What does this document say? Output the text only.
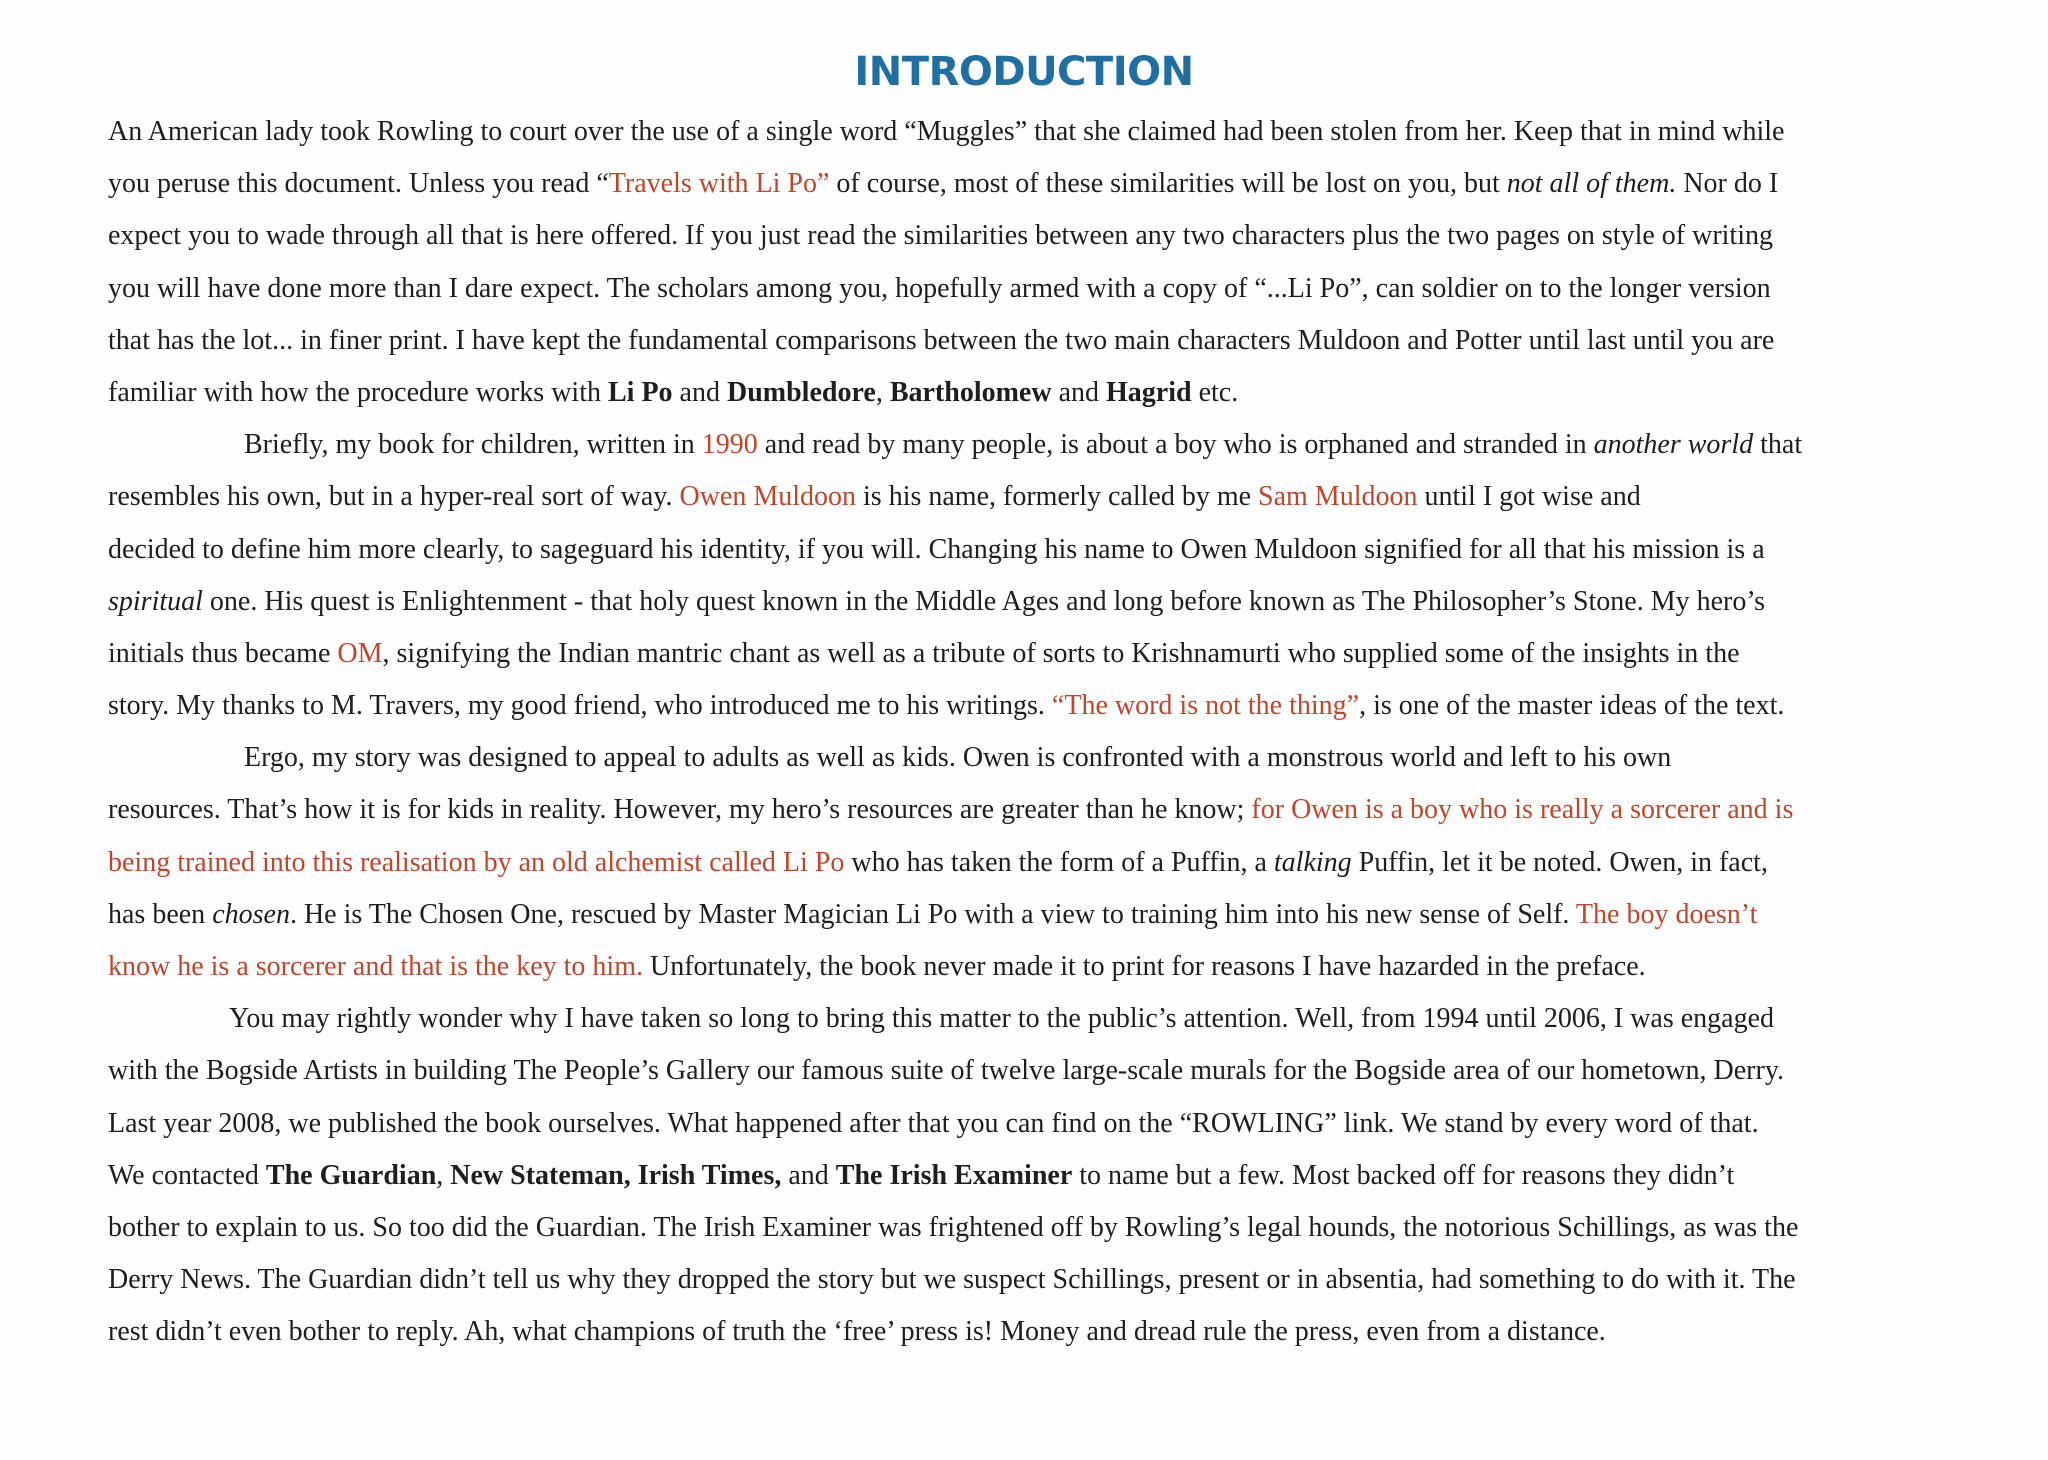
INTRODUCTION
An American lady took Rowling to court over the use of a single word “Muggles” that she claimed had been stolen from her. Keep that in mind while
you peruse this document. Unless you read “Travels with Li Po” of course, most of these similarities will be lost on you, but not all of them. Nor do I
expect you to wade through all that is here offered. If you just read the similarities between any two characters plus the two pages on style of writing
you will have done more than I dare expect. The scholars among you, hopefully armed with a copy of “...Li Po”, can soldier on to the longer version
that has the lot... in finer print. I have kept the fundamental comparisons between the two main characters Muldoon and Potter until last until you are
familiar with how the procedure works with Li Po and Dumbledore, Bartholomew and Hagrid etc.
Briefly, my book for children, written in 1990 and read by many people, is about a boy who is orphaned and stranded in another world that
resembles his own, but in a hyper-real sort of way. Owen Muldoon is his name, formerly called by me Sam Muldoon until I got wise and
decided to define him more clearly, to sageguard his identity, if you will. Changing his name to Owen Muldoon signified for all that his mission is a
spiritual one. His quest is Enlightenment - that holy quest known in the Middle Ages and long before known as The Philosopher’s Stone. My hero’s
initials thus became OM, signifying the Indian mantric chant as well as a tribute of sorts to Krishnamurti who supplied some of the insights in the
story. My thanks to M. Travers, my good friend, who introduced me to his writings. “The word is not the thing”, is one of the master ideas of the text.
Ergo, my story was designed to appeal to adults as well as kids. Owen is confronted with a monstrous world and left to his own
resources. That’s how it is for kids in reality. However, my hero’s resources are greater than he know; for Owen is a boy who is really a sorcerer and is
being trained into this realisation by an old alchemist called Li Po who has taken the form of a Puffin, a talking Puffin, let it be noted. Owen, in fact,
has been chosen. He is The Chosen One, rescued by Master Magician Li Po with a view to training him into his new sense of Self. The boy doesn’t
know he is a sorcerer and that is the key to him. Unfortunately, the book never made it to print for reasons I have hazarded in the preface.
You may rightly wonder why I have taken so long to bring this matter to the public’s attention. Well, from 1994 until 2006, I was engaged
with the Bogside Artists in building The People’s Gallery our famous suite of twelve large-scale murals for the Bogside area of our hometown, Derry.
Last year 2008, we published the book ourselves. What happened after that you can find on the “ROWLING” link. We stand by every word of that.
We contacted The Guardian, New Stateman, Irish Times, and The Irish Examiner to name but a few. Most backed off for reasons they didn’t
bother to explain to us. So too did the Guardian. The Irish Examiner was frightened off by Rowling’s legal hounds, the notorious Schillings, as was the
Derry News. The Guardian didn’t tell us why they dropped the story but we suspect Schillings, present or in absentia, had something to do with it. The
rest didn’t even bother to reply. Ah, what champions of truth the ‘free’ press is! Money and dread rule the press, even from a distance.
